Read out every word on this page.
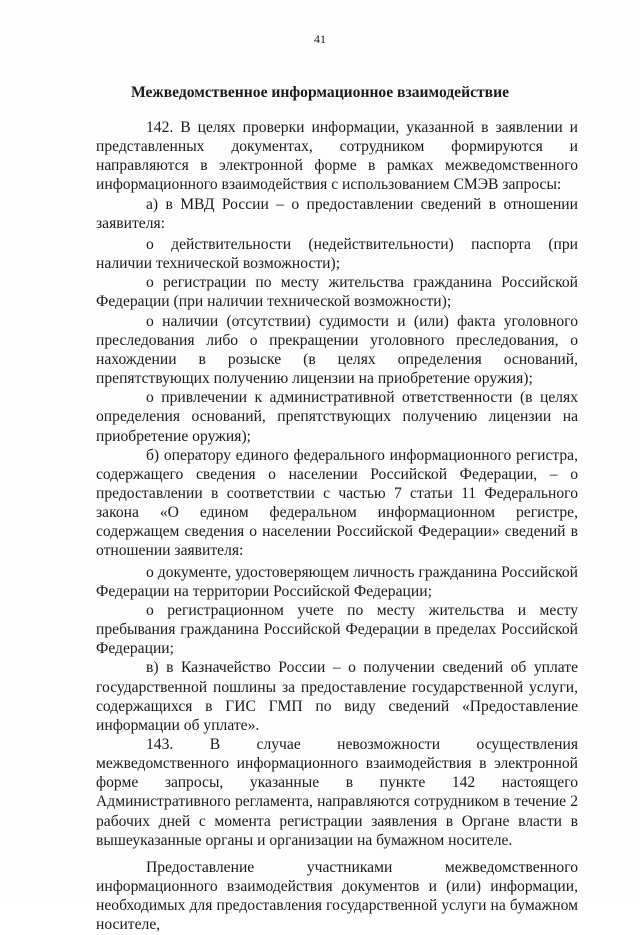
41
Межведомственное информационное взаимодействие

142. В целях проверки информации, указанной в заявлении и представленных документах, сотрудником формируются и направляются в электронной форме в рамках межведомственного информационного взаимодействия с использованием СМЭВ запросы:

а) в МВД России – о предоставлении сведений в отношении заявителя:

о действительности (недействительности) паспорта (при наличии технической возможности);

о регистрации по месту жительства гражданина Российской Федерации (при наличии технической возможности);

о наличии (отсутствии) судимости и (или) факта уголовного преследования либо о прекращении уголовного преследования, о нахождении в розыске (в целях определения оснований, препятствующих получению лицензии на приобретение оружия);

о привлечении к административной ответственности (в целях определения оснований, препятствующих получению лицензии на приобретение оружия);

б) оператору единого федерального информационного регистра, содержащего сведения о населении Российской Федерации, – о предоставлении в соответствии с частью 7 статьи 11 Федерального закона «О едином федеральном информационном регистре, содержащем сведения о населении Российской Федерации» сведений в отношении заявителя:

о документе, удостоверяющем личность гражданина Российской Федерации на территории Российской Федерации;

о регистрационном учете по месту жительства и месту пребывания гражданина Российской Федерации в пределах Российской Федерации;

в) в Казначейство России – о получении сведений об уплате государственной пошлины за предоставление государственной услуги, содержащихся в ГИС ГМП по виду сведений «Предоставление информации об уплате».

143. В случае невозможности осуществления межведомственного информационного взаимодействия в электронной форме запросы, указанные в пункте 142 настоящего Административного регламента, направляются сотрудником в течение 2 рабочих дней с момента регистрации заявления в Органе власти в вышеуказанные органы и организации на бумажном носителе.

Предоставление участниками межведомственного информационного взаимодействия документов и (или) информации, необходимых для предоставления государственной услуги на бумажном носителе,
